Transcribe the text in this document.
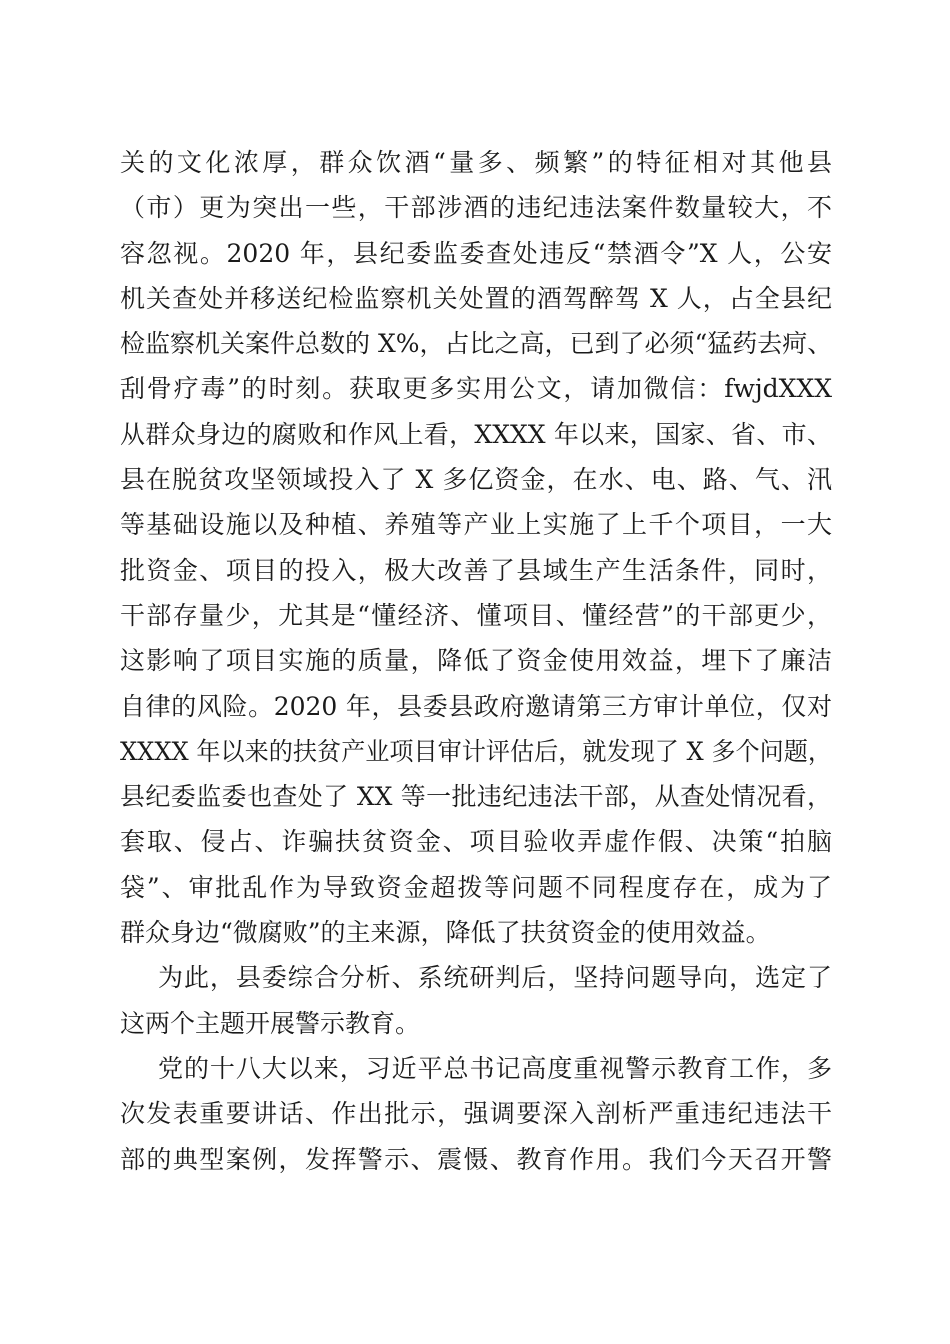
关的文化浓厚，群众饮酒“量多、频繁”的特征相对其他县
（市）更为突出一些，干部涉酒的违纪违法案件数量较大，不
容忽视。2020 年，县纪委监委查处违反“禁酒令”X 人，公安
机关查处并移送纪检监察机关处置的酒驾醉驾 X 人，占全县纪
检监察机关案件总数的 X%，占比之高，已到了必须“猛药去疴、
刮骨疗毒”的时刻。获取更多实用公文，请加微信：fwjdXXX
从群众身边的腐败和作风上看，XXXX 年以来，国家、省、市、
县在脱贫攻坚领域投入了 X 多亿资金，在水、电、路、气、汛
等基础设施以及种植、养殖等产业上实施了上千个项目，一大
批资金、项目的投入，极大改善了县域生产生活条件，同时，
干部存量少，尤其是“懂经济、懂项目、懂经营”的干部更少，
这影响了项目实施的质量，降低了资金使用效益，埋下了廉洁
自律的风险。2020 年，县委县政府邀请第三方审计单位，仅对
XXXX 年以来的扶贫产业项目审计评估后，就发现了 X 多个问题，
县纪委监委也查处了 XX 等一批违纪违法干部，从查处情况看，
套取、侵占、诈骗扶贫资金、项目验收弄虚作假、决策“拍脑
袋”、审批乱作为导致资金超拨等问题不同程度存在，成为了
群众身边“微腐败”的主来源，降低了扶贫资金的使用效益。
为此，县委综合分析、系统研判后，坚持问题导向，选定了
这两个主题开展警示教育。
党的十八大以来，习近平总书记高度重视警示教育工作，多
次发表重要讲话、作出批示，强调要深入剖析严重违纪违法干
部的典型案例，发挥警示、震慑、教育作用。我们今天召开警
